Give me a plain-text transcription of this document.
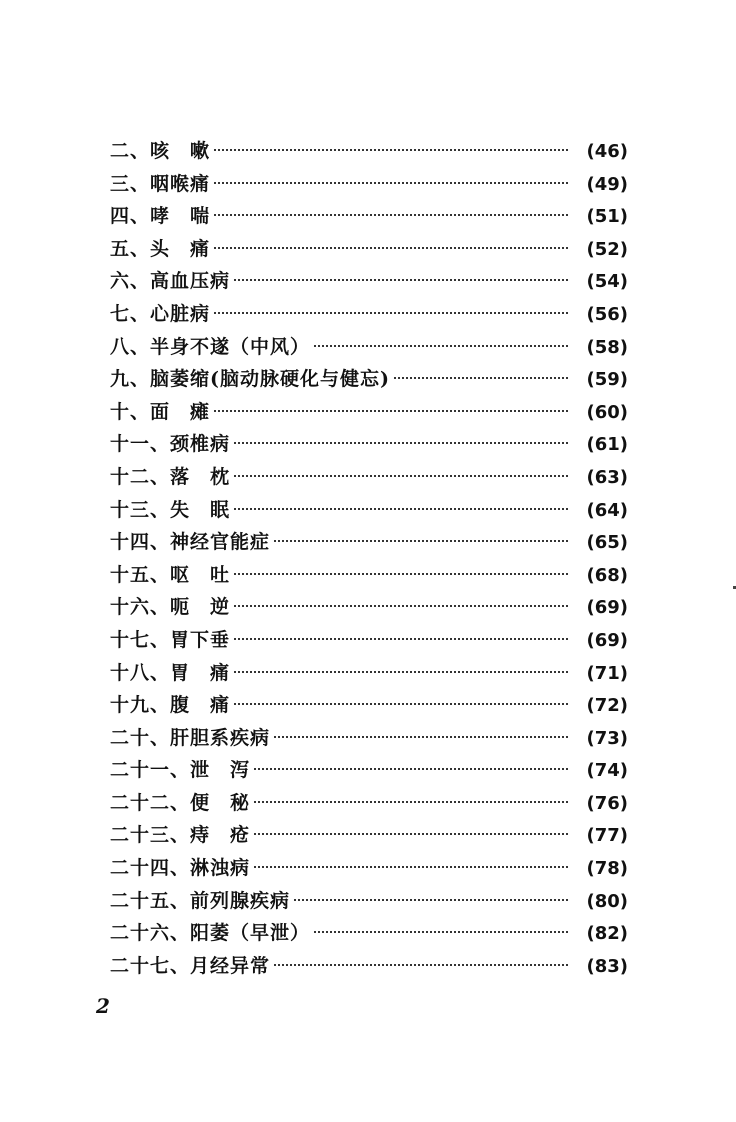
二、咳　嗽	(46)
三、咽喉痛	(49)
四、哮　喘	(51)
五、头　痛	(52)
六、高血压病	(54)
七、心脏病	(56)
八、半身不遂（中风）	(58)
九、脑萎缩(脑动脉硬化与健忘)	(59)
十、面　瘫	(60)
十一、颈椎病	(61)
十二、落　枕	(63)
十三、失　眠	(64)
十四、神经官能症	(65)
十五、呕　吐	(68)
十六、呃　逆	(69)
十七、胃下垂	(69)
十八、胃　痛	(71)
十九、腹　痛	(72)
二十、肝胆系疾病	(73)
二十一、泄　泻	(74)
二十二、便　秘	(76)
二十三、痔　疮	(77)
二十四、淋浊病	(78)
二十五、前列腺疾病	(80)
二十六、阳萎（早泄）	(82)
二十七、月经异常	(83)
2
